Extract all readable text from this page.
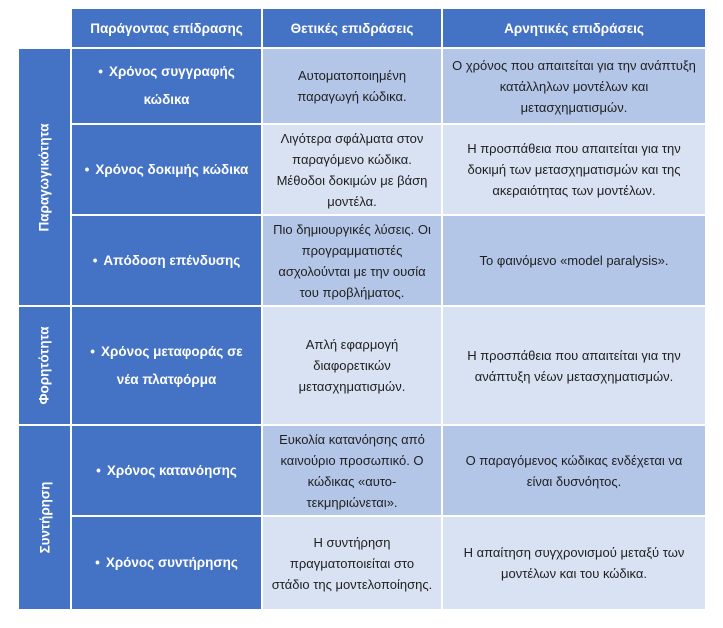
Παράγοντας επίδρασης	Θετικές επιδράσεις	Αρνητικές επιδράσεις
Παραγωγικότητα
Φορητότητα
Συντήρηση
• Χρόνος συγγραφής κώδικα
Αυτοματοποιημένη παραγωγή κώδικα.
Ο χρόνος που απαιτείται για την ανάπτυξη κατάλληλων μοντέλων και μετασχηματισμών.
• Χρόνος δοκιμής κώδικα
Λιγότερα σφάλματα στον παραγόμενο κώδικα. Μέθοδοι δοκιμών με βάση μοντέλα.
Η προσπάθεια που απαιτείται για την δοκιμή των μετασχηματισμών και της ακεραιότητας των μοντέλων.
• Απόδοση επένδυσης
Πιο δημιουργικές λύσεις. Οι προγραμματιστές ασχολούνται με την ουσία του προβλήματος.
Το φαινόμενο «model paralysis».
• Χρόνος μεταφοράς σε νέα πλατφόρμα
Απλή εφαρμογή διαφορετικών μετασχηματισμών.
Η προσπάθεια που απαιτείται για την ανάπτυξη νέων μετασχηματισμών.
• Χρόνος κατανόησης
Ευκολία κατανόησης από καινούριο προσωπικό. Ο κώδικας «αυτο-τεκμηριώνεται».
Ο παραγόμενος κώδικας ενδέχεται να είναι δυσνόητος.
• Χρόνος συντήρησης
Η συντήρηση πραγματοποιείται στο στάδιο της μοντελοποίησης.
Η απαίτηση συγχρονισμού μεταξύ των μοντέλων και του κώδικα.
